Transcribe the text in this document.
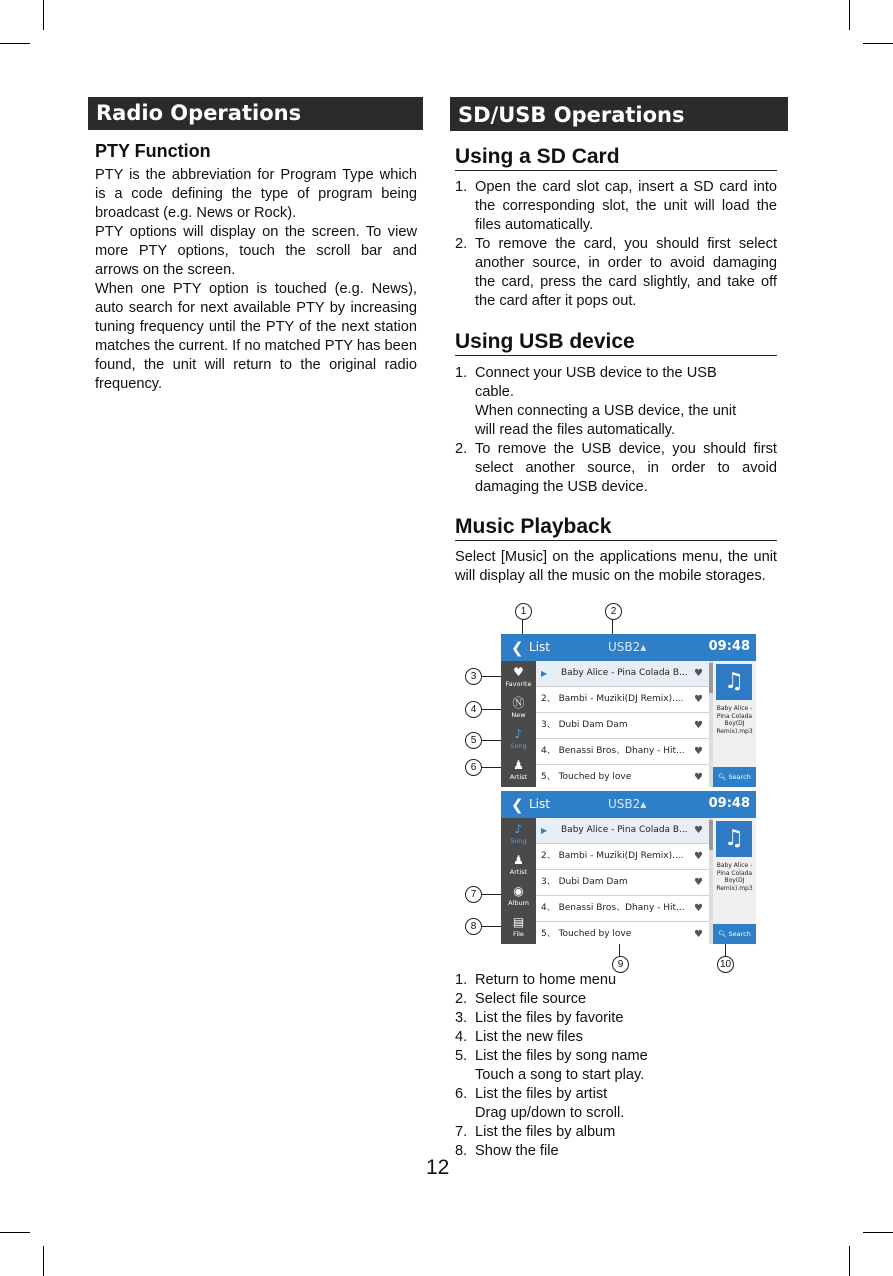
Radio Operations
PTY Function

PTY is the abbreviation for Program Type which is a code defining the type of program being broadcast (e.g. News or Rock).

PTY options will display on the screen. To view more PTY options, touch the scroll bar and arrows on the screen.

When one PTY option is touched (e.g. News), auto search for next available PTY by increasing tuning frequency until the PTY of the next station matches the current. If no matched PTY has been found, the unit will return to the original radio frequency.

SD/USB Operations
Using a SD Card
1. Open the card slot cap, insert a SD card into the corresponding slot, the unit will load the files automatically.
2. To remove the card, you should first select another source, in order to avoid damaging the card, press the card slightly, and take off the card after it pops out.
Using USB device
1. Connect your USB device to the USB cable.
When connecting a USB device, the unit will read the files automatically.
2. To remove the USB device, you should first select another source, in order to avoid damaging the USB device.
Music Playback
Select [Music] on the applications menu, the unit will display all the music on the mobile storages.
1	2
3
4
5
6
7
8
9	10
❮ List	USB2▴	09:48
♥
Favorite
Ⓝ
New
♪
Song
♟
Artist
▶ Baby Alice - Pina Colada B... ♥
2、 Bambi - Muziki(DJ Remix)....	♥
3、 Dubi Dam Dam	♥
4、 Benassi Bros、Dhany - Hit... ♥
5、 Touched by love	♥
♫
Baby Alice - Pina Colada Boy(DJ Remix).mp3
🔍︎ Search
❮ List	USB2▴	09:48
♪
Song
♟
Artist
◉
Album
▤
File
▶ Baby Alice - Pina Colada B... ♥
2、 Bambi - Muziki(DJ Remix)....	♥
3、 Dubi Dam Dam	♥
4、 Benassi Bros、Dhany - Hit... ♥
5、 Touched by love	♥
♫
Baby Alice - Pina Colada Boy(DJ Remix).mp3
🔍︎ Search
1. Return to home menu
2. Select file source
3. List the files by favorite
4. List the new files
5. List the files by song name
Touch a song to start play.
6. List the files by artist
Drag up/down to scroll.
7. List the files by album
8. Show the file
12
